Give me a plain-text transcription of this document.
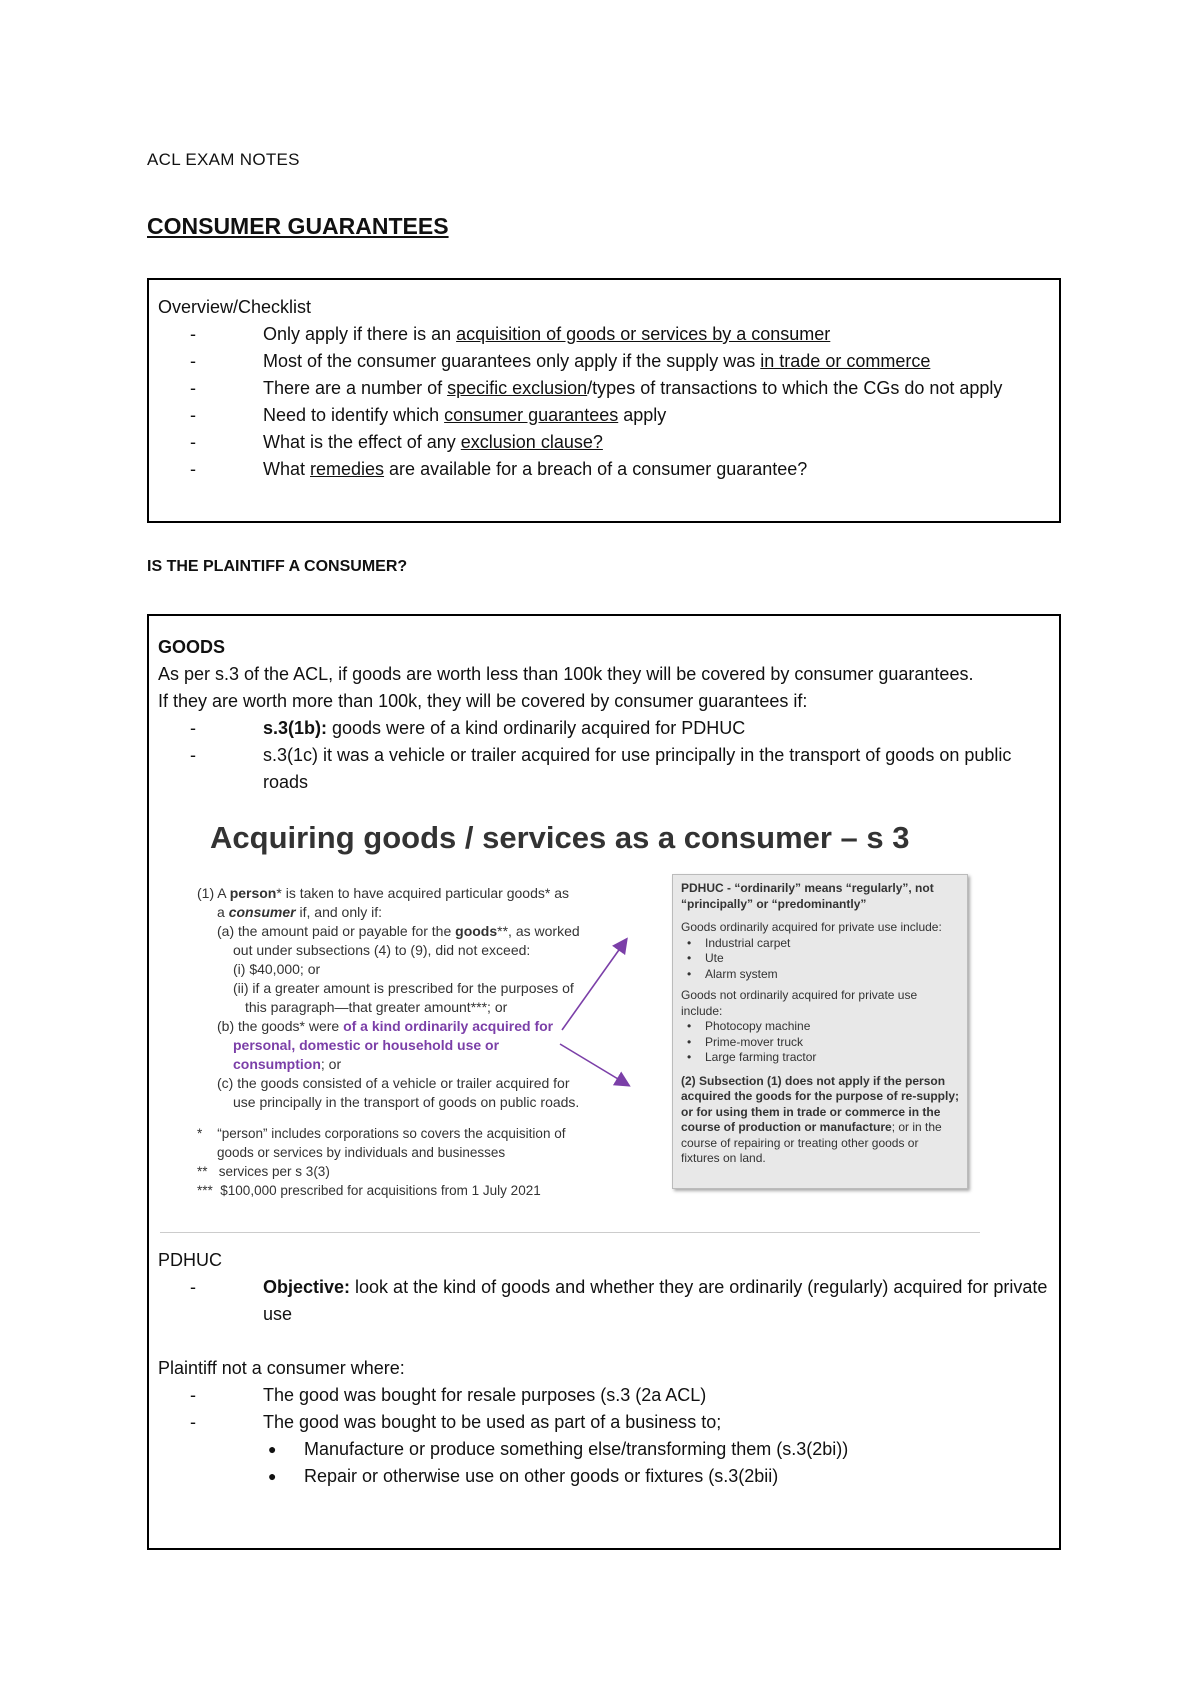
ACL EXAM NOTES
CONSUMER GUARANTEES
Overview/Checklist
-	Only apply if there is an acquisition of goods or services by a consumer
-	Most of the consumer guarantees only apply if the supply was in trade or commerce
-	There are a number of specific exclusion/types of transactions to which the CGs do not apply
-	Need to identify which consumer guarantees apply
-	What is the effect of any exclusion clause?
-	What remedies are available for a breach of a consumer guarantee?
IS THE PLAINTIFF A CONSUMER?
GOODS
As per s.3 of the ACL, if goods are worth less than 100k they will be covered by consumer guarantees.
If they are worth more than 100k, they will be covered by consumer guarantees if:
-	s.3(1b): goods were of a kind ordinarily acquired for PDHUC
-	s.3(1c) it was a vehicle or trailer acquired for use principally in the transport of goods on public roads
Acquiring goods / services as a consumer – s 3
(1) A person* is taken to have acquired particular goods* as
a consumer if, and only if:
(a) the amount paid or payable for the goods**, as worked
out under subsections (4) to (9), did not exceed:
(i) $40,000; or
(ii) if a greater amount is prescribed for the purposes of
this paragraph—that greater amount***; or
(b) the goods* were of a kind ordinarily acquired for
personal, domestic or household use or
consumption; or
(c) the goods consisted of a vehicle or trailer acquired for
use principally in the transport of goods on public roads.
* “person” includes corporations so covers the acquisition of
goods or services by individuals and businesses
** services per s 3(3)
*** $100,000 prescribed for acquisitions from 1 July 2021
PDHUC - “ordinarily” means “regularly”, not “principally” or “predominantly”
Goods ordinarily acquired for private use include:
•	Industrial carpet
•	Ute
•	Alarm system
Goods not ordinarily acquired for private use include:
•	Photocopy machine
•	Prime-mover truck
•	Large farming tractor
(2) Subsection (1) does not apply if the person acquired the goods for the purpose of re-supply; or for using them in trade or commerce in the course of production or manufacture; or in the course of repairing or treating other goods or fixtures on land.
PDHUC
-	Objective: look at the kind of goods and whether they are ordinarily (regularly) acquired for private use
Plaintiff not a consumer where:
-	The good was bought for resale purposes (s.3 (2a ACL)
-	The good was bought to be used as part of a business to;
●	Manufacture or produce something else/transforming them (s.3(2bi))
●	Repair or otherwise use on other goods or fixtures (s.3(2bii)
